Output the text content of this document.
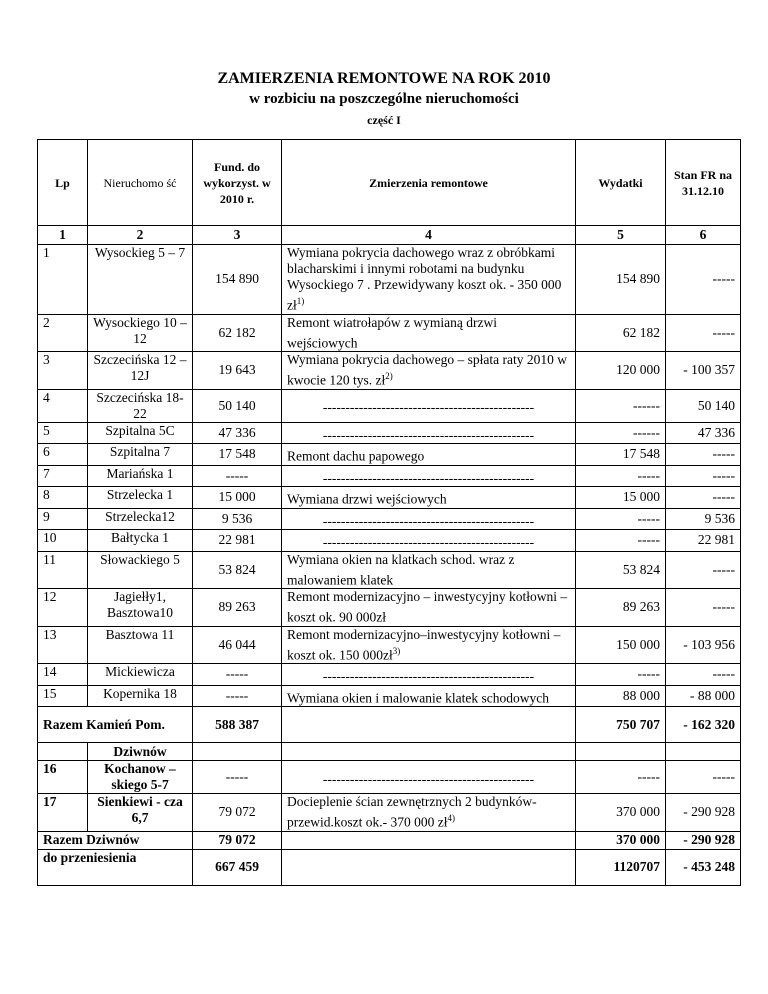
ZAMIERZENIA REMONTOWE NA ROK 2010
w rozbiciu na poszczególne nieruchomości
część I
Lp	Nieruchomo ść	Fund. do wykorzyst. w 2010 r.	Zmierzenia remontowe	Wydatki	Stan FR na 31.12.10
1	2	3	4	5	6
1	Wysockieg 5 – 7	154 890	Wymiana pokrycia dachowego wraz z obróbkami blacharskimi i innymi robotami na budynku Wysockiego 7 . Przewidywany koszt ok. - 350 000 $zł^{1)}$	154 890	-----
2	Wysockiego 10 –12	62 182	Remont wiatrołapów z wymianą drzwi wejściowych	62 182	-----
3	Szczecińska 12 – 12J	19 643	Wymiana pokrycia dachowego – spłata raty 2010 w kwocie 120 tys. $zł^{2)}$	120 000	- 100 357
4	Szczecińska 18-22	50 140	-----------------------------------------------	------	50 140
5	Szpitalna 5C	47 336	-----------------------------------------------	------	47 336
6	Szpitalna 7	17 548	Remont dachu papowego	17 548	-----
7	Mariańska 1	-----	-----------------------------------------------	-----	-----
8	Strzelecka 1	15 000	Wymiana drzwi wejściowych	15 000	-----
9	Strzelecka12	9 536	-----------------------------------------------	-----	9 536
10	Bałtycka 1	22 981	-----------------------------------------------	-----	22 981
11	Słowackiego 5	53 824	Wymiana okien na klatkach schod. wraz z malowaniem klatek	53 824	-----
12	Jagiełły1, Basztowa10	89 263	Remont modernizacyjno – inwestycyjny kotłowni – koszt ok. 90 000zł	89 263	-----
13	Basztowa 11	46 044	Remont modernizacyjno–inwestycyjny kotłowni – koszt ok. 150 $000zł^{3)}$	150 000	- 103 956
14	Mickiewicza	-----	-----------------------------------------------	-----	-----
15	Kopernika 18	-----	Wymiana okien i malowanie klatek schodowych	88 000	- 88 000
Razem Kamień Pom.		588 387		750 707	- 162 320
	Dziwnów				
16	Kochanow –skiego 5-7	-----	-----------------------------------------------	-----	-----
17	Sienkiewi - cza 6,7	79 072	Docieplenie ścian zewnętrznych 2 budynków- przewid.koszt ok.- 370 000 $zł^{4)}$	370 000	- 290 928
Razem Dziwnów		79 072		370 000	- 290 928
do przeniesienia		667 459		1120707	- 453 248
